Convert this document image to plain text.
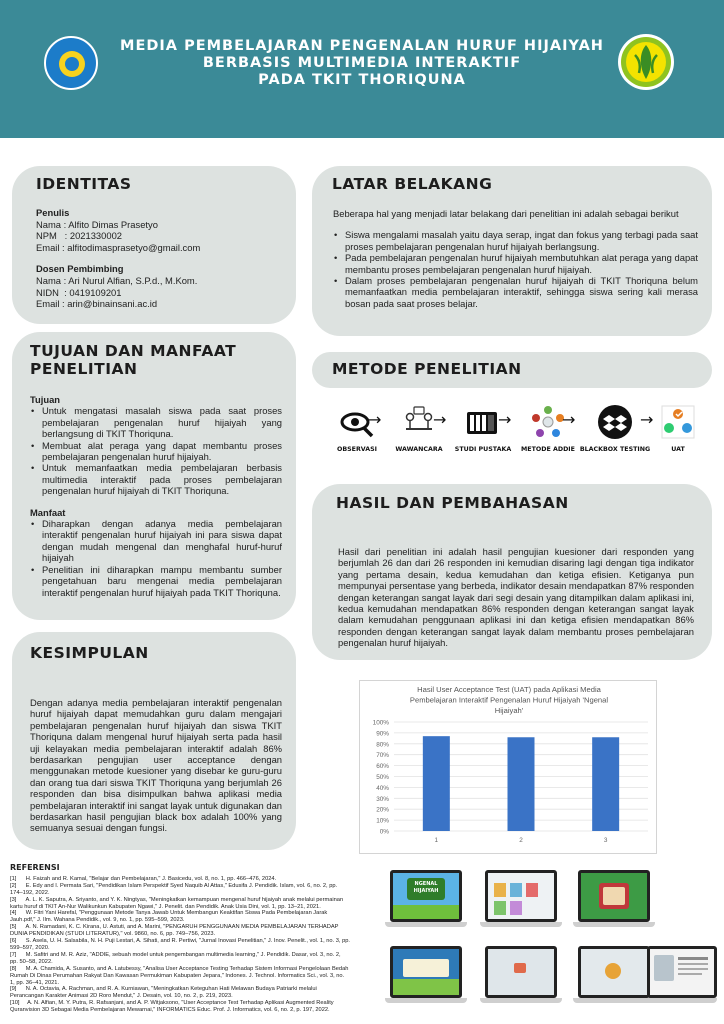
MEDIA PEMBELAJARAN PENGENALAN HURUF HIJAIYAH
BERBASIS MULTIMEDIA INTERAKTIF
PADA TKIT THORIQUNA
IDENTITAS
Penulis
Nama : Alfito Dimas Prasetyo
NPM   : 2021330002
Email : alfitodimasprasetyo@gmail.com
Dosen Pembimbing
Nama : Ari Nurul Alfian, S.P.d., M.Kom.
NIDN  : 0419109201
Email : arin@binainsani.ac.id
TUJUAN DAN MANFAAT
PENELITIAN
Tujuan
• Untuk mengatasi masalah siswa pada saat proses pembelajaran pengenalan huruf hijaiyah yang berlangsung di TKIT Thoriquna.
• Membuat alat peraga yang dapat membantu proses pembelajaran pengenalan huruf hijaiyah.
• Untuk memanfaatkan media pembelajaran berbasis multimedia interaktif pada proses pembelajaran pengenalan huruf hijaiyah di TKIT Thoriquna.
Manfaat
• Diharapkan dengan adanya media pembelajaran interaktif pengenalan huruf hijaiyah ini para siswa dapat dengan mudah mengenal dan menghafal huruf-huruf hijaiyah
• Penelitian ini diharapkan mampu membantu sumber pengetahuan baru mengenai media pembelajaran interaktif pengenalan huruf hijaiyah pada TKIT Thoriquna.
KESIMPULAN
Dengan adanya media pembelajaran interaktif pengenalan huruf hijaiyah dapat memudahkan guru dalam mengajari pembelajaran pengenalan huruf hijaiyah dan siswa TKIT Thoriquna dalam mengenal huruf hijaiyah serta pada hasil uji kelayakan media pembelajaran interaktif adalah 86% berdasarkan pengujian user acceptance dengan menggunakan metode kuesioner yang disebar ke guru-guru dan orang tua dari siswa TKIT Thoriquna yang berjumlah 26 responden dan bisa disimpulkan bahwa aplikasi media pembelajaran interaktif ini sangat layak untuk digunakan dan berdasarkan hasil pengujian black box adalah 100% yang semuanya sesuai dengan fungsi.
LATAR BELAKANG
Beberapa hal yang menjadi latar belakang dari penelitian ini adalah sebagai berikut
• Siswa mengalami masalah yaitu daya serap, ingat dan fokus yang terbagi pada saat proses pembelajaran pengenalan huruf hijaiyah berlangsung.
• Pada pembelajaran pengenalan huruf hijaiyah membutuhkan alat peraga yang dapat membantu proses pembelajaran pengenalan huruf hijaiyah.
• Dalam proses pembelajaran pengenalan huruf hijaiyah di TKIT Thoriquna belum memanfaatkan media pembelajaran interaktif, sehingga siswa sering kali merasa bosan pada saat proses belajar.
METODE PENELITIAN
OBSERVASI	WAWANCARA	STUDI PUSTAKA	METODE ADDIE BLACKBOX TESTING	UAT
→	→	→	→	→
HASIL DAN PEMBAHASAN
Hasil dari penelitian ini adalah hasil pengujian kuesioner dari responden yang berjumlah 26 dan dari 26 responden ini kemudian disaring lagi dengan tiga indikator yang pertama desain, kedua kemudahan dan ketiga efisien. Ketiganya pun mempunyai persentase yang berbeda, indikator desain mendapatkan 87% responden dengan keterangan sangat layak dari segi desain yang ditampilkan dalam aplikasi ini, kedua kemudahan mendapatkan 86% responden dengan keterangan sangat layak dalam kemudahan penggunaan aplikasi ini dan ketiga efisien mendapatkan 86% responden dengan keterangan sangat layak dalam membantu proses pembelajaran pengenalan huruf hijaiyah.
Hasil User Acceptance Test (UAT) pada Aplikasi Media
Pembelajaran Interaktif Pengenalan Huruf Hijaiyah 'Ngenal
Hijaiyah'
0%
10%
20%
30%
40%
50%
60%
70%
80%
90%
100%
1	2	3
REFERENSI
[1]      H. Faizah and R. Kamal, "Belajar dan Pembelajaran," J. Basicedu, vol. 8, no. 1, pp. 466–476, 2024.
[2]      E. Edy and I. Permata Sari, "Pendidikan Islam Perspektif Syed Naquib Al Attas," Edusifa J. Pendidik. Islam, vol. 6, no. 2, pp. 174–192, 2022.
[3]      A. L. K. Saputra, A. Sriyanto, and Y. K. Ningtyas, "Meningkatkan kemampuan mengenal huruf hijaiyah anak melalui permainan kartu huruf di TKIT An-Nur Walikunkun Kabupaten Ngawi," J. Penelit. dan Pendidik. Anak Usia Dini, vol. 1, pp. 13–21, 2021.
[4]      W. Fitri Yani Harefal, "Penggunaan Metode Tanya Jawab Untuk Membangun Keaktifan Siswa Pada Pembelajaran Jarak Jauh.pdf," J. Ilm. Wahana Pendidik., vol. 9, no. 1, pp. 595–599, 2023.
[5]      A. N. Ramadani, K. C. Kirana, U. Astuti, and A. Marini, "PENGARUH PENGGUNAAN MEDIA PEMBELAJARAN TERHADAP DUNIA PENDIDIKAN (STUDI LITERATUR)," vol. 9860, no. 6, pp. 749–756, 2023.
[6]      S. Asela, U. H. Salsabila, N. H. Puji Lestari, A. Sihati, and R. Pertiwi, "Jurnal Inovasi Penelitian," J. Inov. Penelit., vol. 1, no. 3, pp. 599–597, 2020.
[7]      M. Safitri and M. R. Aziz, "ADDIE, sebuah model untuk pengembangan multimedia learning," J. Pendidik. Dasar, vol. 3, no. 2, pp. 50–58, 2022.
[8]      M. A. Chamida, A. Susanto, and A. Latubessy, "Analisa User Acceptance Testing Terhadap Sistem Informasi Pengelolaan Bedah Rumah Di Dinas Perumahan Rakyat Dan Kawasan Permukiman Kabupaten Jepara," Indones. J. Technol. Informatics Sci., vol. 3, no. 1, pp. 36–41, 2021.
[9]      N. A. Octavia, A. Rachman, and R. A. Kurniawan, "Meningkatkan Keteguhan Hati Melawan Budaya Patriarki melalui Perancangan Karakter Animasi 2D Roro Mendut," J. Desain, vol. 10, no. 2, p. 219, 2023.
[10]     A. N. Alfian, M. Y. Putra, R. Rafsanjani, and A. P. Witjaksono, "User Acceptance Test Terhadap Aplikasi Augmented Reality Quranvision 3D Sebagai Media Pembelajaran Mewarnai," INFORMATICS Educ. Prof. J. Informatics, vol. 6, no. 2, p. 197, 2022.
NGENAL
HIJAIYAH
